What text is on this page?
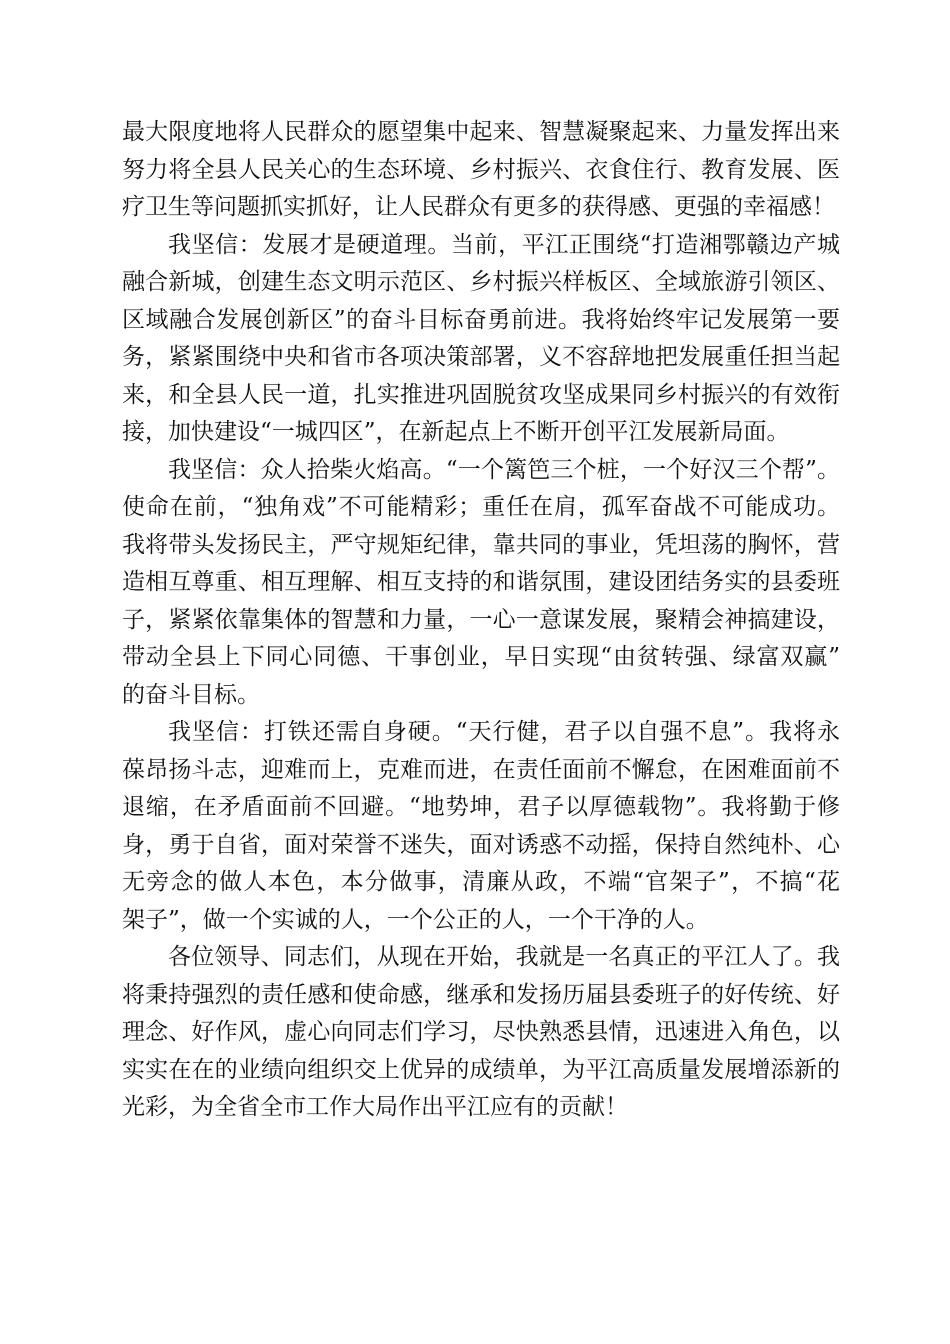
最大限度地将人民群众的愿望集中起来、智慧凝聚起来、力量发挥出来
努力将全县人民关心的生态环境、乡村振兴、衣食住行、教育发展、医
疗卫生等问题抓实抓好，让人民群众有更多的获得感、更强的幸福感！
我坚信：发展才是硬道理。当前，平江正围绕“打造湘鄂赣边产城
融合新城，创建生态文明示范区、乡村振兴样板区、全域旅游引领区、
区域融合发展创新区”的奋斗目标奋勇前进。我将始终牢记发展第一要
务，紧紧围绕中央和省市各项决策部署，义不容辞地把发展重任担当起
来，和全县人民一道，扎实推进巩固脱贫攻坚成果同乡村振兴的有效衔
接，加快建设“一城四区”，在新起点上不断开创平江发展新局面。
我坚信：众人拾柴火焰高。“一个篱笆三个桩，一个好汉三个帮”。
使命在前，“独角戏”不可能精彩；重任在肩，孤军奋战不可能成功。
我将带头发扬民主，严守规矩纪律，靠共同的事业，凭坦荡的胸怀，营
造相互尊重、相互理解、相互支持的和谐氛围，建设团结务实的县委班
子，紧紧依靠集体的智慧和力量，一心一意谋发展，聚精会神搞建设，
带动全县上下同心同德、干事创业，早日实现“由贫转强、绿富双赢”
的奋斗目标。
我坚信：打铁还需自身硬。“天行健，君子以自强不息”。我将永
葆昂扬斗志，迎难而上，克难而进，在责任面前不懈怠，在困难面前不
退缩，在矛盾面前不回避。“地势坤，君子以厚德载物”。我将勤于修
身，勇于自省，面对荣誉不迷失，面对诱惑不动摇，保持自然纯朴、心
无旁念的做人本色，本分做事，清廉从政，不端“官架子”，不搞“花
架子”，做一个实诚的人，一个公正的人，一个干净的人。
各位领导、同志们，从现在开始，我就是一名真正的平江人了。我
将秉持强烈的责任感和使命感，继承和发扬历届县委班子的好传统、好
理念、好作风，虚心向同志们学习，尽快熟悉县情，迅速进入角色，以
实实在在的业绩向组织交上优异的成绩单，为平江高质量发展增添新的
光彩，为全省全市工作大局作出平江应有的贡献！
